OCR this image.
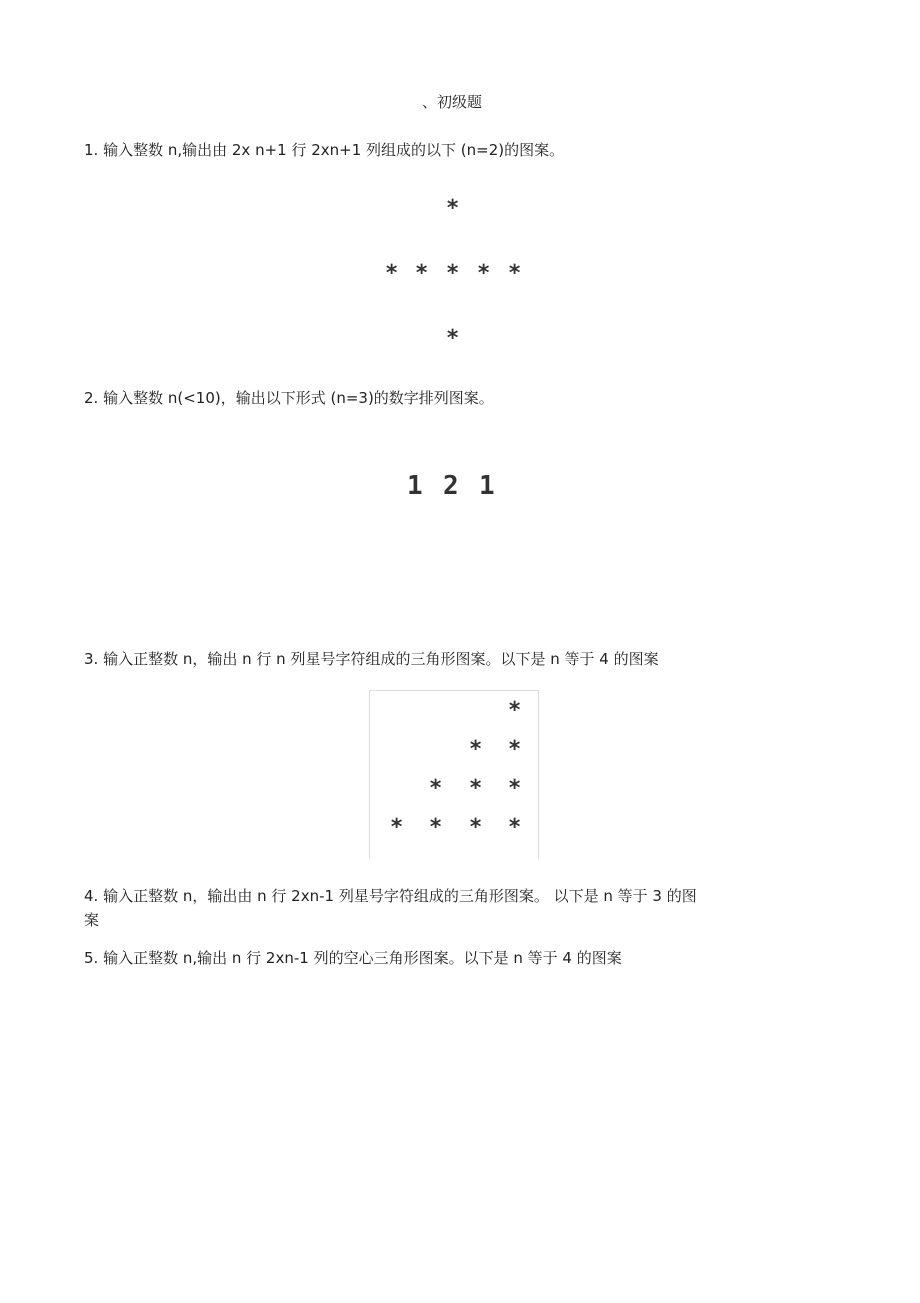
、初级题
1. 输入整数 n,输出由 2x n+1 行 2xn+1 列组成的以下 (n=2)的图案。
*
* * * * *
*
2. 输入整数 n(<10)，输出以下形式 (n=3)的数字排列图案。
1 2 1
3. 输入正整数 n，输出 n 行 n 列星号字符组成的三角形图案。以下是 n 等于 4 的图案
*
* *
* * *
* * * *
4. 输入正整数 n，输出由 n 行 2xn-1 列星号字符组成的三角形图案。 以下是 n 等于 3 的图
案
5. 输入正整数 n,输出 n 行 2xn-1 列的空心三角形图案。以下是 n 等于 4 的图案
